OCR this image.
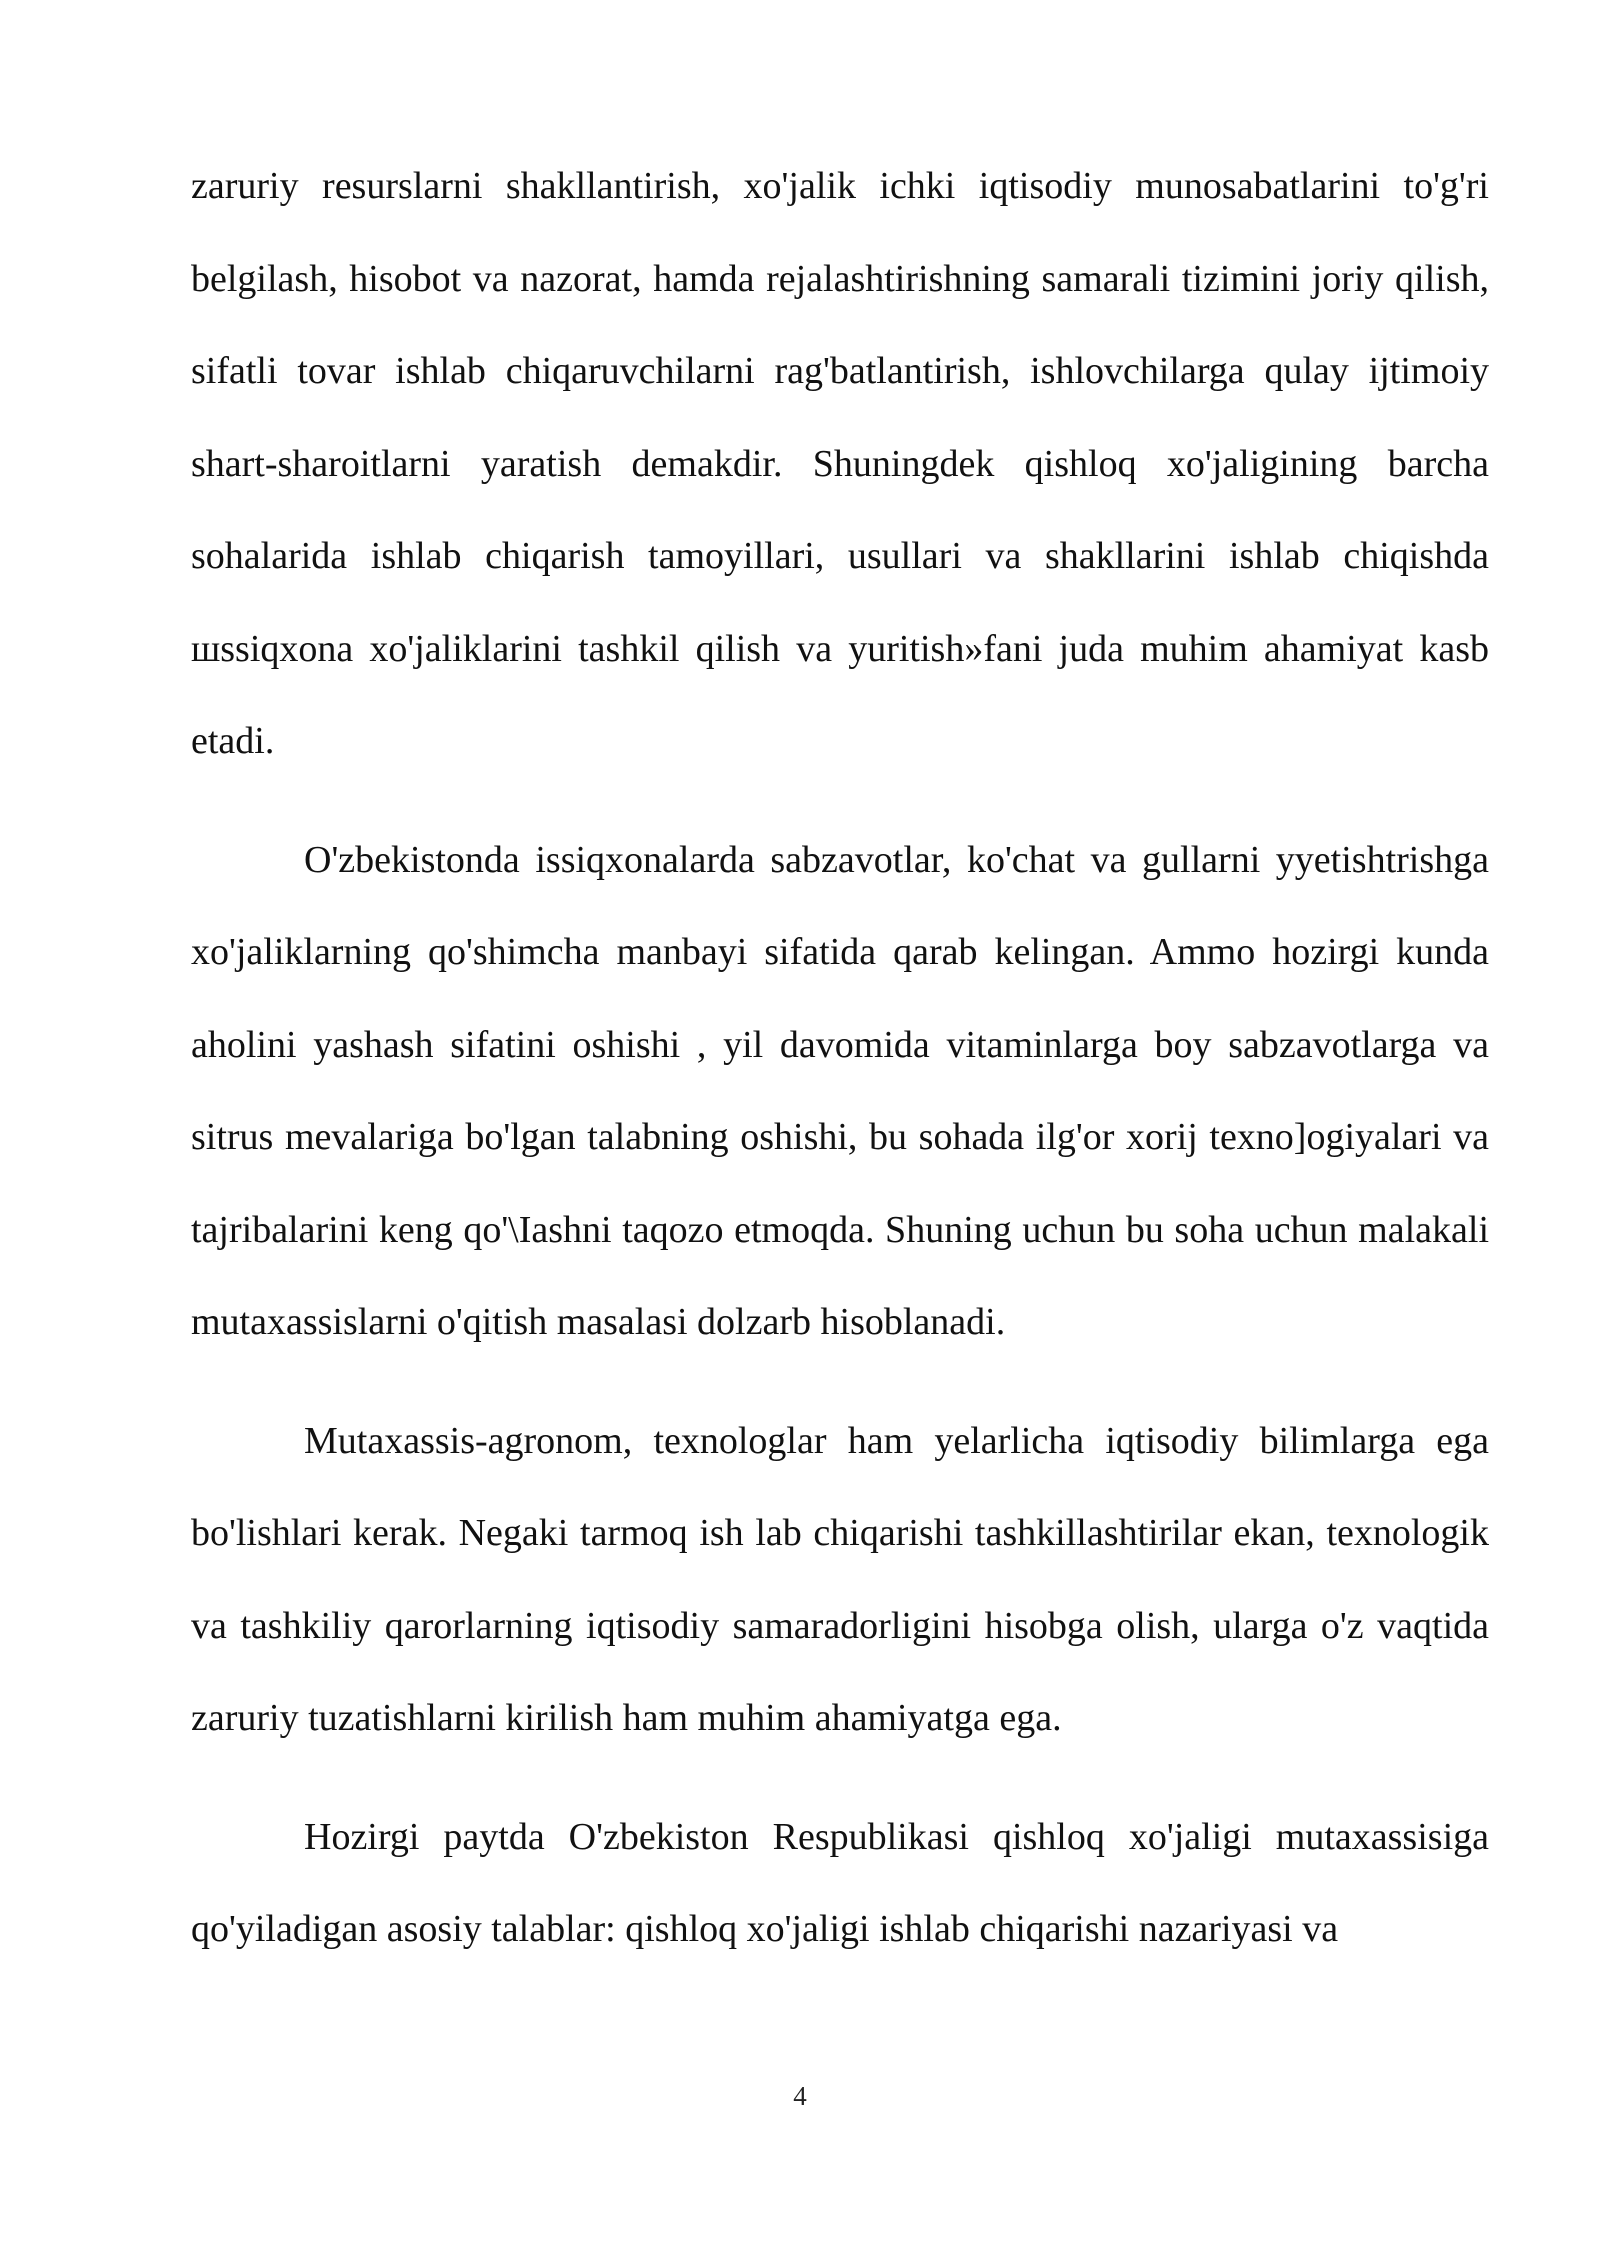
zaruriy resurslarni shakllantirish, xo'jalik ichki iqtisodiy munosabatlarini to'g'ri belgilash, hisobot va nazorat, hamda rejalashtirishning samarali tizimini joriy qilish, sifatli tovar ishlab chiqaruvchilarni rag'batlantirish, ishlovchilarga qulay ijtimoiy shart-sharoitlarni yaratish demakdir. Shuningdek qishloq xo'jaligining barcha sohalarida ishlab chiqarish tamoyillari, usullari va shakllarini ishlab chiqishda шssiqxona xo'jaliklarini tashkil qilish va yuritish»fani juda muhim ahamiyat kasb etadi.

O'zbekistonda issiqxonalarda sabzavotlar, ko'chat va gullarni yyetishtrishga xo'jaliklarning qo'shimcha manbayi sifatida qarab kelingan. Ammo hozirgi kunda aholini yashash sifatini oshishi , yil davomida vitaminlarga boy sabzavotlarga va sitrus mevalariga bo'lgan talabning oshishi, bu sohada ilg'or xorij texno]ogiyalari va tajribalarini keng qo'\Iashni taqozo etmoqda. Shuning uchun bu soha uchun malakali mutaxassislarni o'qitish masalasi dolzarb hisoblanadi.

Mutaxassis-agronom, texnologlar ham yelarlicha iqtisodiy bilimlarga ega bo'lishlari kerak. Negaki tarmoq ish lab chiqarishi tashkillashtirilar ekan, texnologik va tashkiliy qarorlarning iqtisodiy samaradorligini hisobga olish, ularga o'z vaqtida zaruriy tuzatishlarni kirilish ham muhim ahamiyatga ega.

Hozirgi paytda O'zbekiston Respublikasi qishloq xo'jaligi mutaxassisiga qo'yiladigan asosiy talablar: qishloq xo'jaligi ishlab chiqarishi nazariyasi va

4
